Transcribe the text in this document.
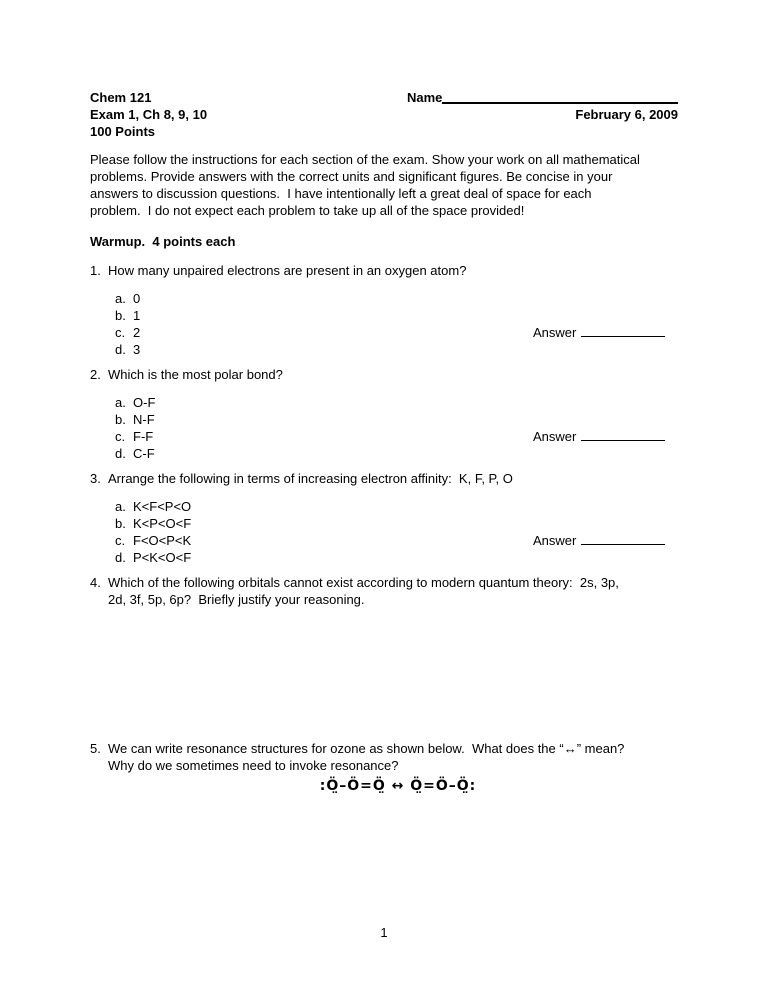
Chem 121
Exam 1, Ch 8, 9, 10
100 Points
Name
February 6, 2009
Please follow the instructions for each section of the exam. Show your work on all mathematical
problems. Provide answers with the correct units and significant figures. Be concise in your
answers to discussion questions.  I have intentionally left a great deal of space for each
problem.  I do not expect each problem to take up all of the space provided!
Warmup.  4 points each
1. How many unpaired electrons are present in an oxygen atom?
a. 0
b. 1
c. 2
d. 3
Answer
2. Which is the most polar bond?
a. O-F
b. N-F
c. F-F
d. C-F
Answer
3. Arrange the following in terms of increasing electron affinity:  K, F, P, O
a. K<F<P<O
b. K<P<O<F
c. F<O<P<K
d. P<K<O<F
Answer
4. Which of the following orbitals cannot exist according to modern quantum theory:  2s, 3p,
2d, 3f, 5p, 6p?  Briefly justify your reasoning.
5. We can write resonance structures for ozone as shown below.  What does the “↔” mean?
Why do we sometimes need to invoke resonance?
:Ö̤–Ö=Ö̤ ↔ Ö̤=Ö–Ö̤:
1
